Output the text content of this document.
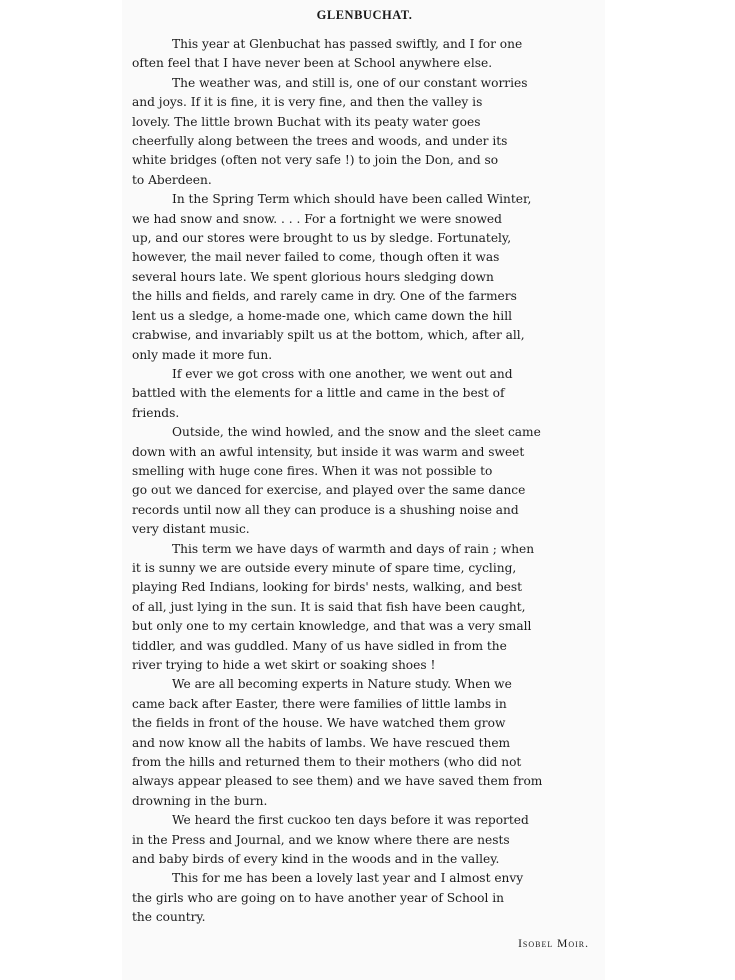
GLENBUCHAT.

This year at Glenbuchat has passed swiftly, and I for one
often feel that I have never been at School anywhere else.

The weather was, and still is, one of our constant worries
and joys. If it is fine, it is very fine, and then the valley is
lovely. The little brown Buchat with its peaty water goes
cheerfully along between the trees and woods, and under its
white bridges (often not very safe !) to join the Don, and so
to Aberdeen.

In the Spring Term which should have been called Winter,
we had snow and snow. . . . For a fortnight we were snowed
up, and our stores were brought to us by sledge. Fortunately,
however, the mail never failed to come, though often it was
several hours late. We spent glorious hours sledging down
the hills and fields, and rarely came in dry. One of the farmers
lent us a sledge, a home-made one, which came down the hill
crabwise, and invariably spilt us at the bottom, which, after all,
only made it more fun.

If ever we got cross with one another, we went out and
battled with the elements for a little and came in the best of
friends.

Outside, the wind howled, and the snow and the sleet came
down with an awful intensity, but inside it was warm and sweet
smelling with huge cone fires. When it was not possible to
go out we danced for exercise, and played over the same dance
records until now all they can produce is a shushing noise and
very distant music.

This term we have days of warmth and days of rain ; when
it is sunny we are outside every minute of spare time, cycling,
playing Red Indians, looking for birds' nests, walking, and best
of all, just lying in the sun. It is said that fish have been caught,
but only one to my certain knowledge, and that was a very small
tiddler, and was guddled. Many of us have sidled in from the
river trying to hide a wet skirt or soaking shoes !

We are all becoming experts in Nature study. When we
came back after Easter, there were families of little lambs in
the fields in front of the house. We have watched them grow
and now know all the habits of lambs. We have rescued them
from the hills and returned them to their mothers (who did not
always appear pleased to see them) and we have saved them from
drowning in the burn.

We heard the first cuckoo ten days before it was reported
in the Press and Journal, and we know where there are nests
and baby birds of every kind in the woods and in the valley.

This for me has been a lovely last year and I almost envy
the girls who are going on to have another year of School in
the country.

Isobel Moir.
